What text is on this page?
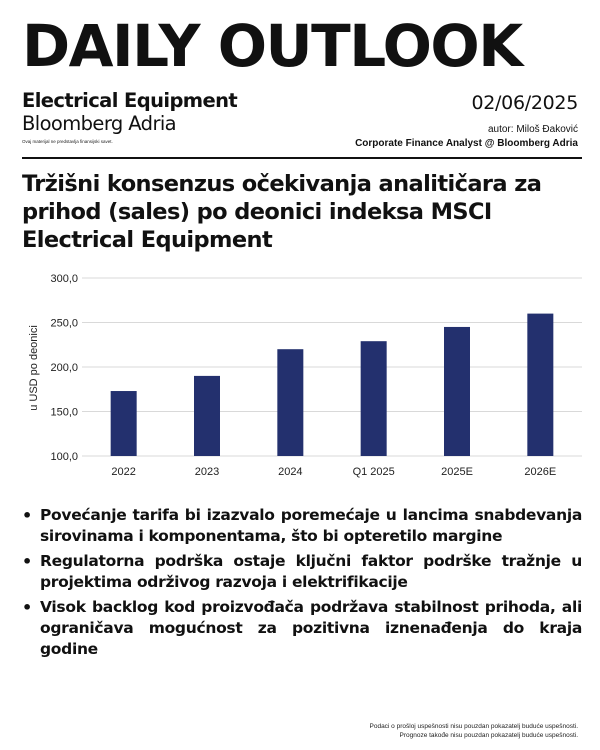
DAILY OUTLOOK
Electrical Equipment
Bloomberg Adria
Ovaj materijal ne predstavlja finansijski savet.
02/06/2025
autor: Miloš Đaković
Corporate Finance Analyst @ Bloomberg Adria
Tržišni konsenzus očekivanja analitičara za prihod (sales) po deonici indeksa MSCI Electrical Equipment
u USD po deonici
100,0
150,0
200,0
250,0
300,0
2022	2023	2024	Q1 2025	2025E	2026E
• Povećanje tarifa bi izazvalo poremećaje u lancima snabdevanja sirovinama i komponentama, što bi opteretilo margine
• Regulatorna podrška ostaje ključni faktor podrške tražnje u projektima održivog razvoja i elektrifikacije
• Visok backlog kod proizvođača podržava stabilnost prihoda, ali ograničava mogućnost za pozitivna iznenađenja do kraja godine
Podaci o prošloj uspešnosti nisu pouzdan pokazatelj buduće uspešnosti.
Prognoze takođe nisu pouzdan pokazatelj buduće uspešnosti.
